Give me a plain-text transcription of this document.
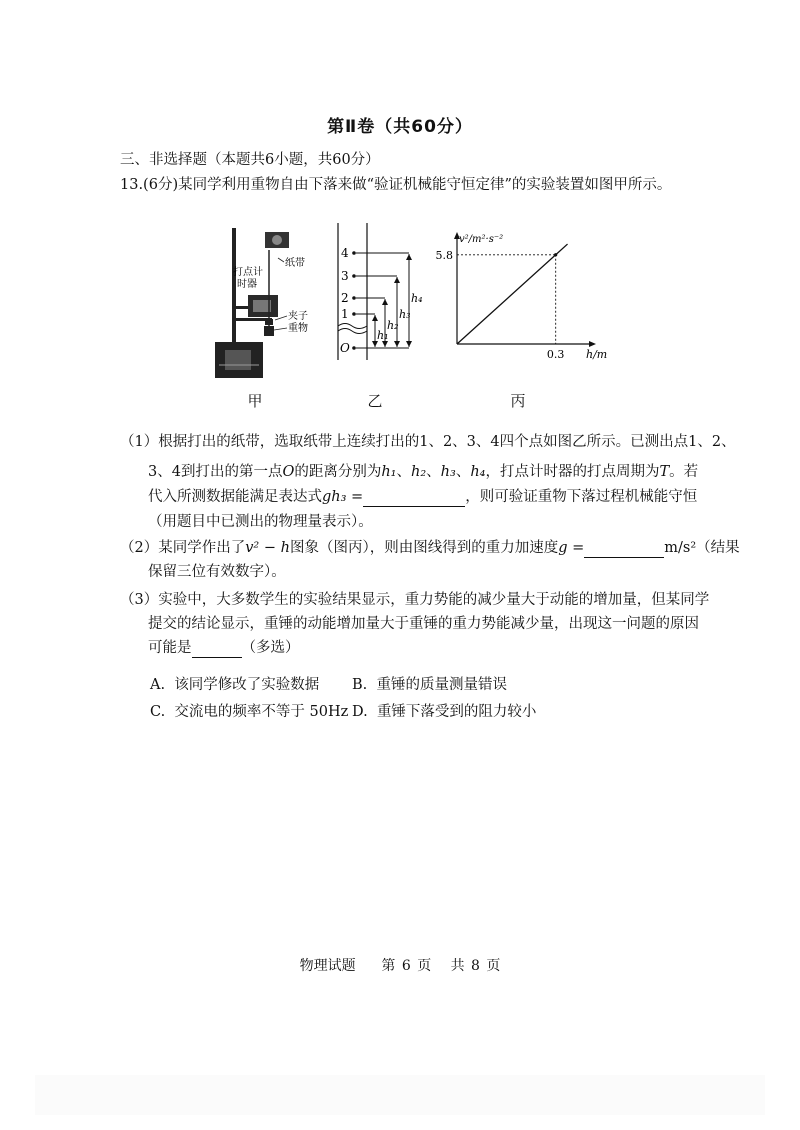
第Ⅱ卷（共60分）
三、非选择题（本题共6小题，共60分）
13.(6分)某同学利用重物自由下落来做“验证机械能守恒定律”的实验装置如图甲所示。
纸带
打点计
时器
夹子
重物
4
3
2
1
O
h₄
h₃
h₂
h₁
5.8
0.3
v²/m²·s⁻²
h/m
甲	乙	丙
（1）根据打出的纸带，选取纸带上连续打出的1、2、3、4四个点如图乙所示。已测出点1、2、
3、4到打出的第一点O的距离分别为h₁、h₂、h₃、h₄，打点计时器的打点周期为T。若
代入所测数据能满足表达式gh₃ =	，则可验证重物下落过程机械能守恒
（用题目中已测出的物理量表示）。
（2）某同学作出了v² − h图象（图丙），则由图线得到的重力加速度g =	m/s²（结果
保留三位有效数字）。
（3）实验中，大多数学生的实验结果显示，重力势能的减少量大于动能的增加量，但某同学
提交的结论显示，重锤的动能增加量大于重锤的重力势能减少量，出现这一问题的原因
可能是	（多选）
A. 该同学修改了实验数据 B. 重锤的质量测量错误
C. 交流电的频率不等于 50Hz D. 重锤下落受到的阻力较小
物理试题 第 6 页 共 8 页
